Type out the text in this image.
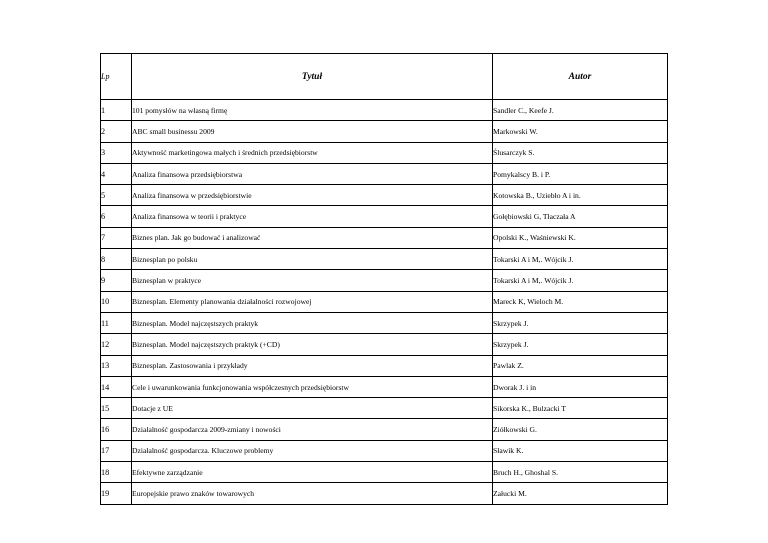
Lp	Tytuł	Autor
1	101 pomysłów na własną firmę	Sandler C., Keefe J.
2	ABC small businessu 2009	Markowski W.
3	Aktywność marketingowa małych i średnich przedsiębiorstw	Ślusarczyk S.
4	Analiza finansowa przedsiębiorstwa	Pomykalscy B. i P.
5	Analiza finansowa w przedsiębiorstwie	Kotowska B., Uziebło A i in.
6	Analiza finansowa w teorii i praktyce	Gołębiowski G, Tłaczała A
7	Biznes plan. Jak go budować i analizować	Opolski K., Waśniewski K.
8	Biznesplan po polsku	Tokarski A i M,. Wójcik J.
9	Biznesplan w praktyce	Tokarski A i M,. Wójcik J.
10	Biznesplan. Elementy planowania działalności rozwojowej	Mareck K, Wieloch M.
11	Biznesplan. Model najczęstszych praktyk	Skrzypek J.
12	Biznesplan. Model najczęstszych praktyk (+CD)	Skrzypek J.
13	Biznesplan. Zastosowania i przykłady	Pawlak Z.
14	Cele i uwarunkowania funkcjonowania współczesnych przedsiębiorstw	Dworak J. i in
15	Dotacje z UE	Sikorska K., Bulzacki T
16	Działalność gospodarcza 2009-zmiany i nowości	Ziółkowski G.
17	Działalność gospodarcza. Kluczowe problemy	Sławik K.
18	Efektywne zarządzanie	Bruch H., Ghoshal S.
19	Europejskie prawo znaków towarowych	Załucki M.
